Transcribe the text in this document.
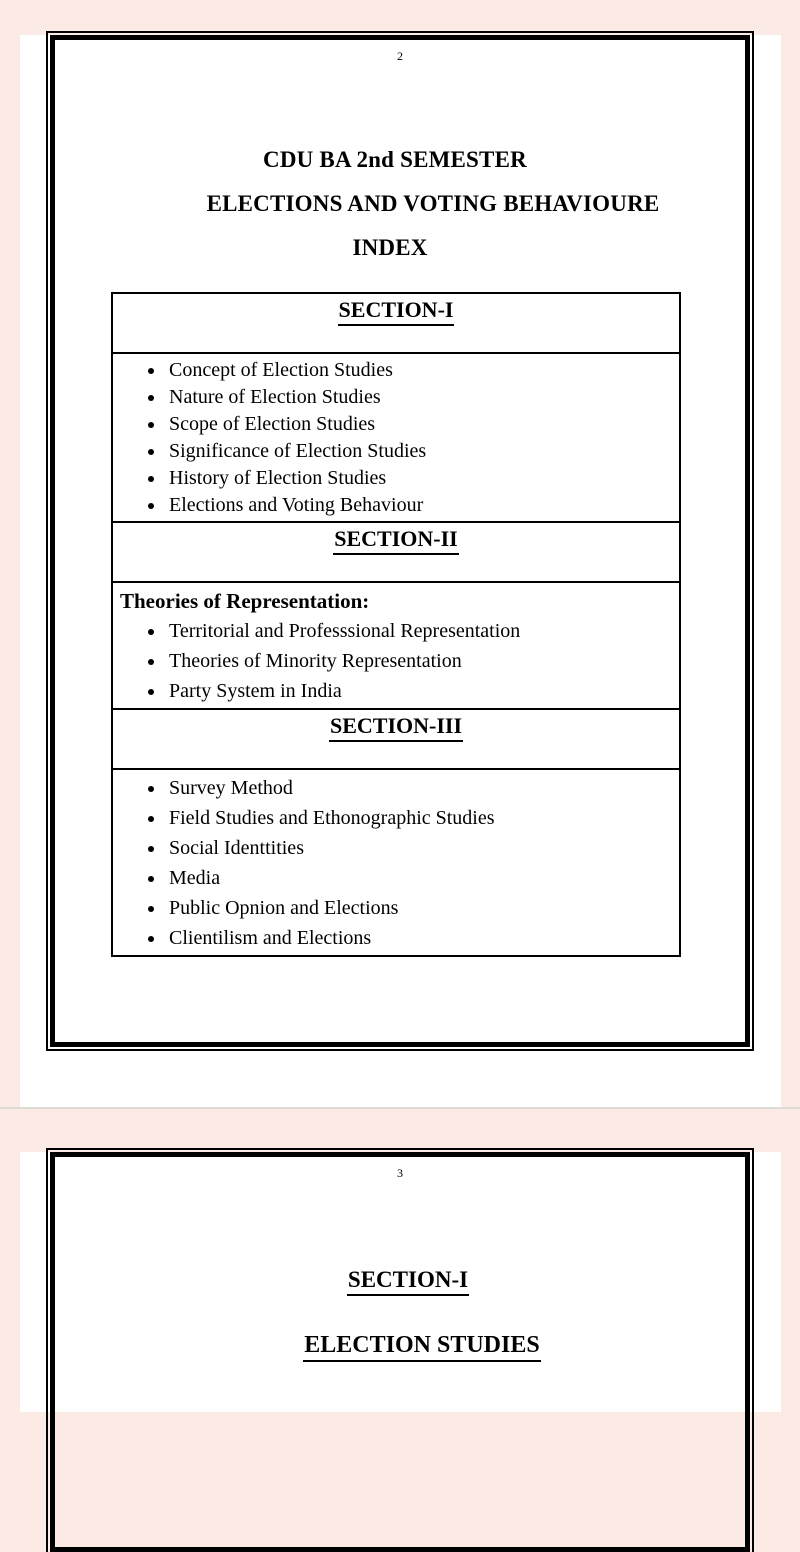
2
CDU BA 2nd SEMESTER
ELECTIONS AND VOTING BEHAVIOURE
INDEX
SECTION-I

• Concept of Election Studies
• Nature of Election Studies
• Scope of Election Studies
• Significance of Election Studies
• History of Election Studies
• Elections and Voting Behaviour

SECTION-II

Theories of Representation:
• Territorial and Professsional Representation
• Theories of Minority Representation
• Party System in India

SECTION-III

• Survey Method
• Field Studies and Ethonographic Studies
• Social Identtities
• Media
• Public Opnion and Elections
• Clientilism and Elections
3
SECTION-I
ELECTION STUDIES
